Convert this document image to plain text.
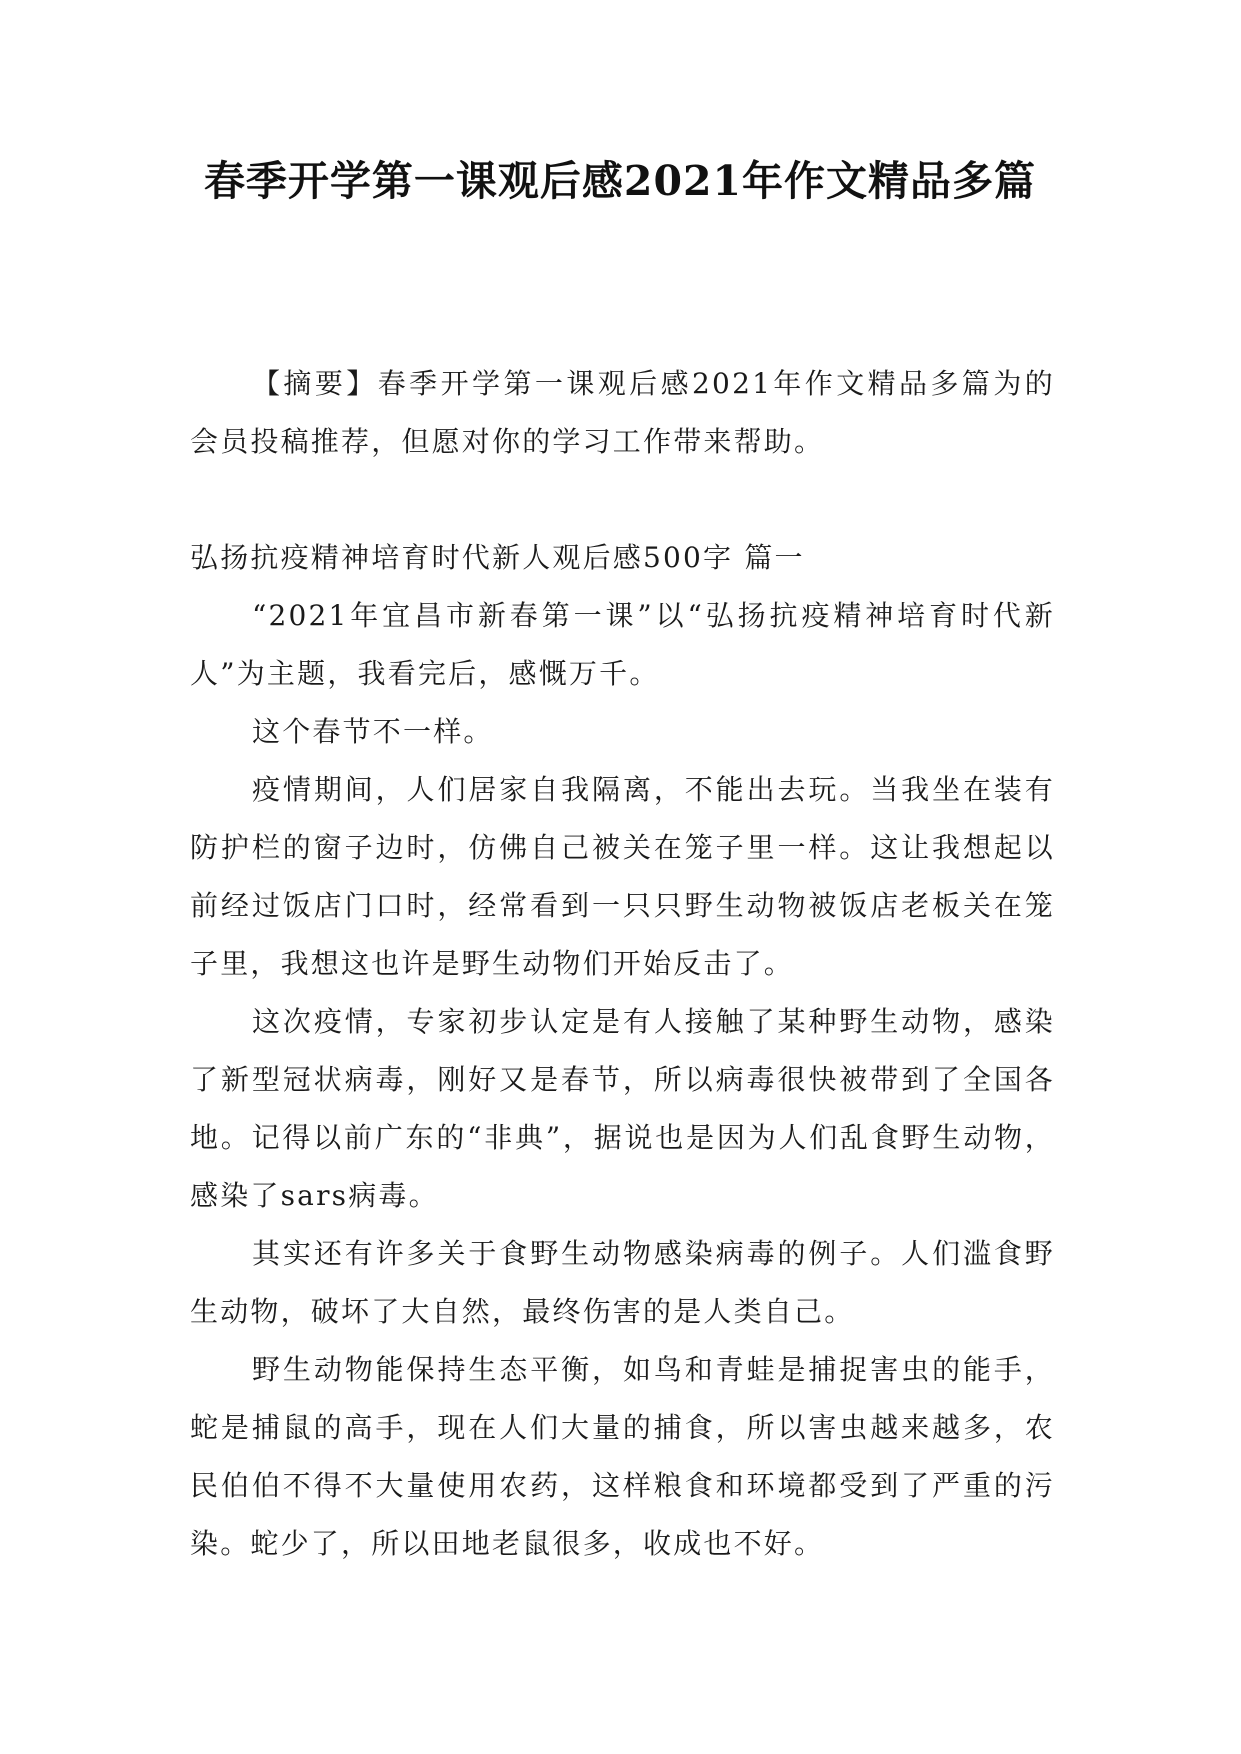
春季开学第一课观后感2021年作文精品多篇

【摘要】春季开学第一课观后感2021年作文精品多篇为的会员投稿推荐，但愿对你的学习工作带来帮助。

弘扬抗疫精神培育时代新人观后感500字 篇一

“2021年宜昌市新春第一课”以“弘扬抗疫精神培育时代新人”为主题，我看完后，感慨万千。

这个春节不一样。

疫情期间，人们居家自我隔离，不能出去玩。当我坐在装有防护栏的窗子边时，仿佛自己被关在笼子里一样。这让我想起以前经过饭店门口时，经常看到一只只野生动物被饭店老板关在笼子里，我想这也许是野生动物们开始反击了。

这次疫情，专家初步认定是有人接触了某种野生动物，感染了新型冠状病毒，刚好又是春节，所以病毒很快被带到了全国各地。记得以前广东的“非典”，据说也是因为人们乱食野生动物，感染了sars病毒。

其实还有许多关于食野生动物感染病毒的例子。人们滥食野生动物，破坏了大自然，最终伤害的是人类自己。

野生动物能保持生态平衡，如鸟和青蛙是捕捉害虫的能手，蛇是捕鼠的高手，现在人们大量的捕食，所以害虫越来越多，农民伯伯不得不大量使用农药，这样粮食和环境都受到了严重的污染。蛇少了，所以田地老鼠很多，收成也不好。
